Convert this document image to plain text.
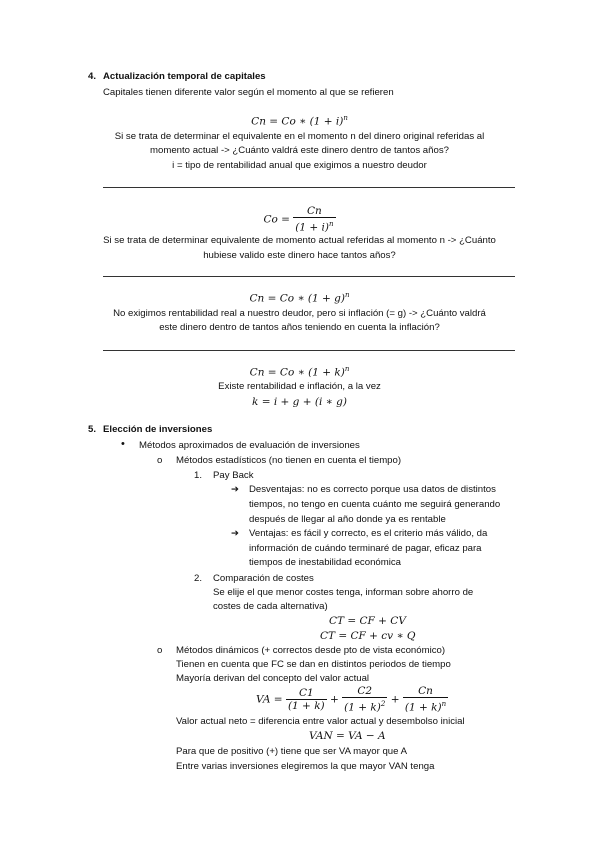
4. Actualización temporal de capitales
Capitales tienen diferente valor según el momento al que se refieren
Cn = Co ∗ $(1 + i)^n$
Si se trata de determinar el equivalente en el momento n del dinero original referidas al
momento actual -> ¿Cuánto valdrá este dinero dentro de tantos años?
i = tipo de rentabilidad anual que exigimos a nuestro deudor
$Co = \frac{Cn}{(1 + i)^n}$
Si se trata de determinar equivalente de momento actual referidas al momento n -> ¿Cuánto
hubiese valido este dinero hace tantos años?
Cn = Co ∗ $(1 + g)^n$
No exigimos rentabilidad real a nuestro deudor, pero si inflación (= g) -> ¿Cuánto valdrá
este dinero dentro de tantos años teniendo en cuenta la inflación?
Cn = Co ∗ $(1 + k)^n$
Existe rentabilidad e inflación, a la vez
k = i + g + (i ∗ g)
5. Elección de inversiones
• Métodos aproximados de evaluación de inversiones
o Métodos estadísticos (no tienen en cuenta el tiempo)
1. Pay Back
➔ Desventajas: no es correcto porque usa datos de distintos
tiempos, no tengo en cuenta cuánto me seguirá generando
después de llegar al año donde ya es rentable
➔ Ventajas: es fácil y correcto, es el criterio más válido, da
información de cuándo terminaré de pagar, eficaz para
tiempos de inestabilidad económica
2. Comparación de costes
Se elije el que menor costes tenga, informan sobre ahorro de
costes de cada alternativa)
CT = CF + CV
CT = CF + cv ∗ Q
o Métodos dinámicos (+ correctos desde pto de vista económico)
Tienen en cuenta que FC se dan en distintos periodos de tiempo
Mayoría derivan del concepto del valor actual
VA = $\frac{C1}{(1 + k)} + \frac{C2}{(1 + k)^2} + \frac{Cn}{(1 + k)^n}$
Valor actual neto = diferencia entre valor actual y desembolso inicial
VAN = VA − A
Para que de positivo (+) tiene que ser VA mayor que A
Entre varias inversiones elegiremos la que mayor VAN tenga
